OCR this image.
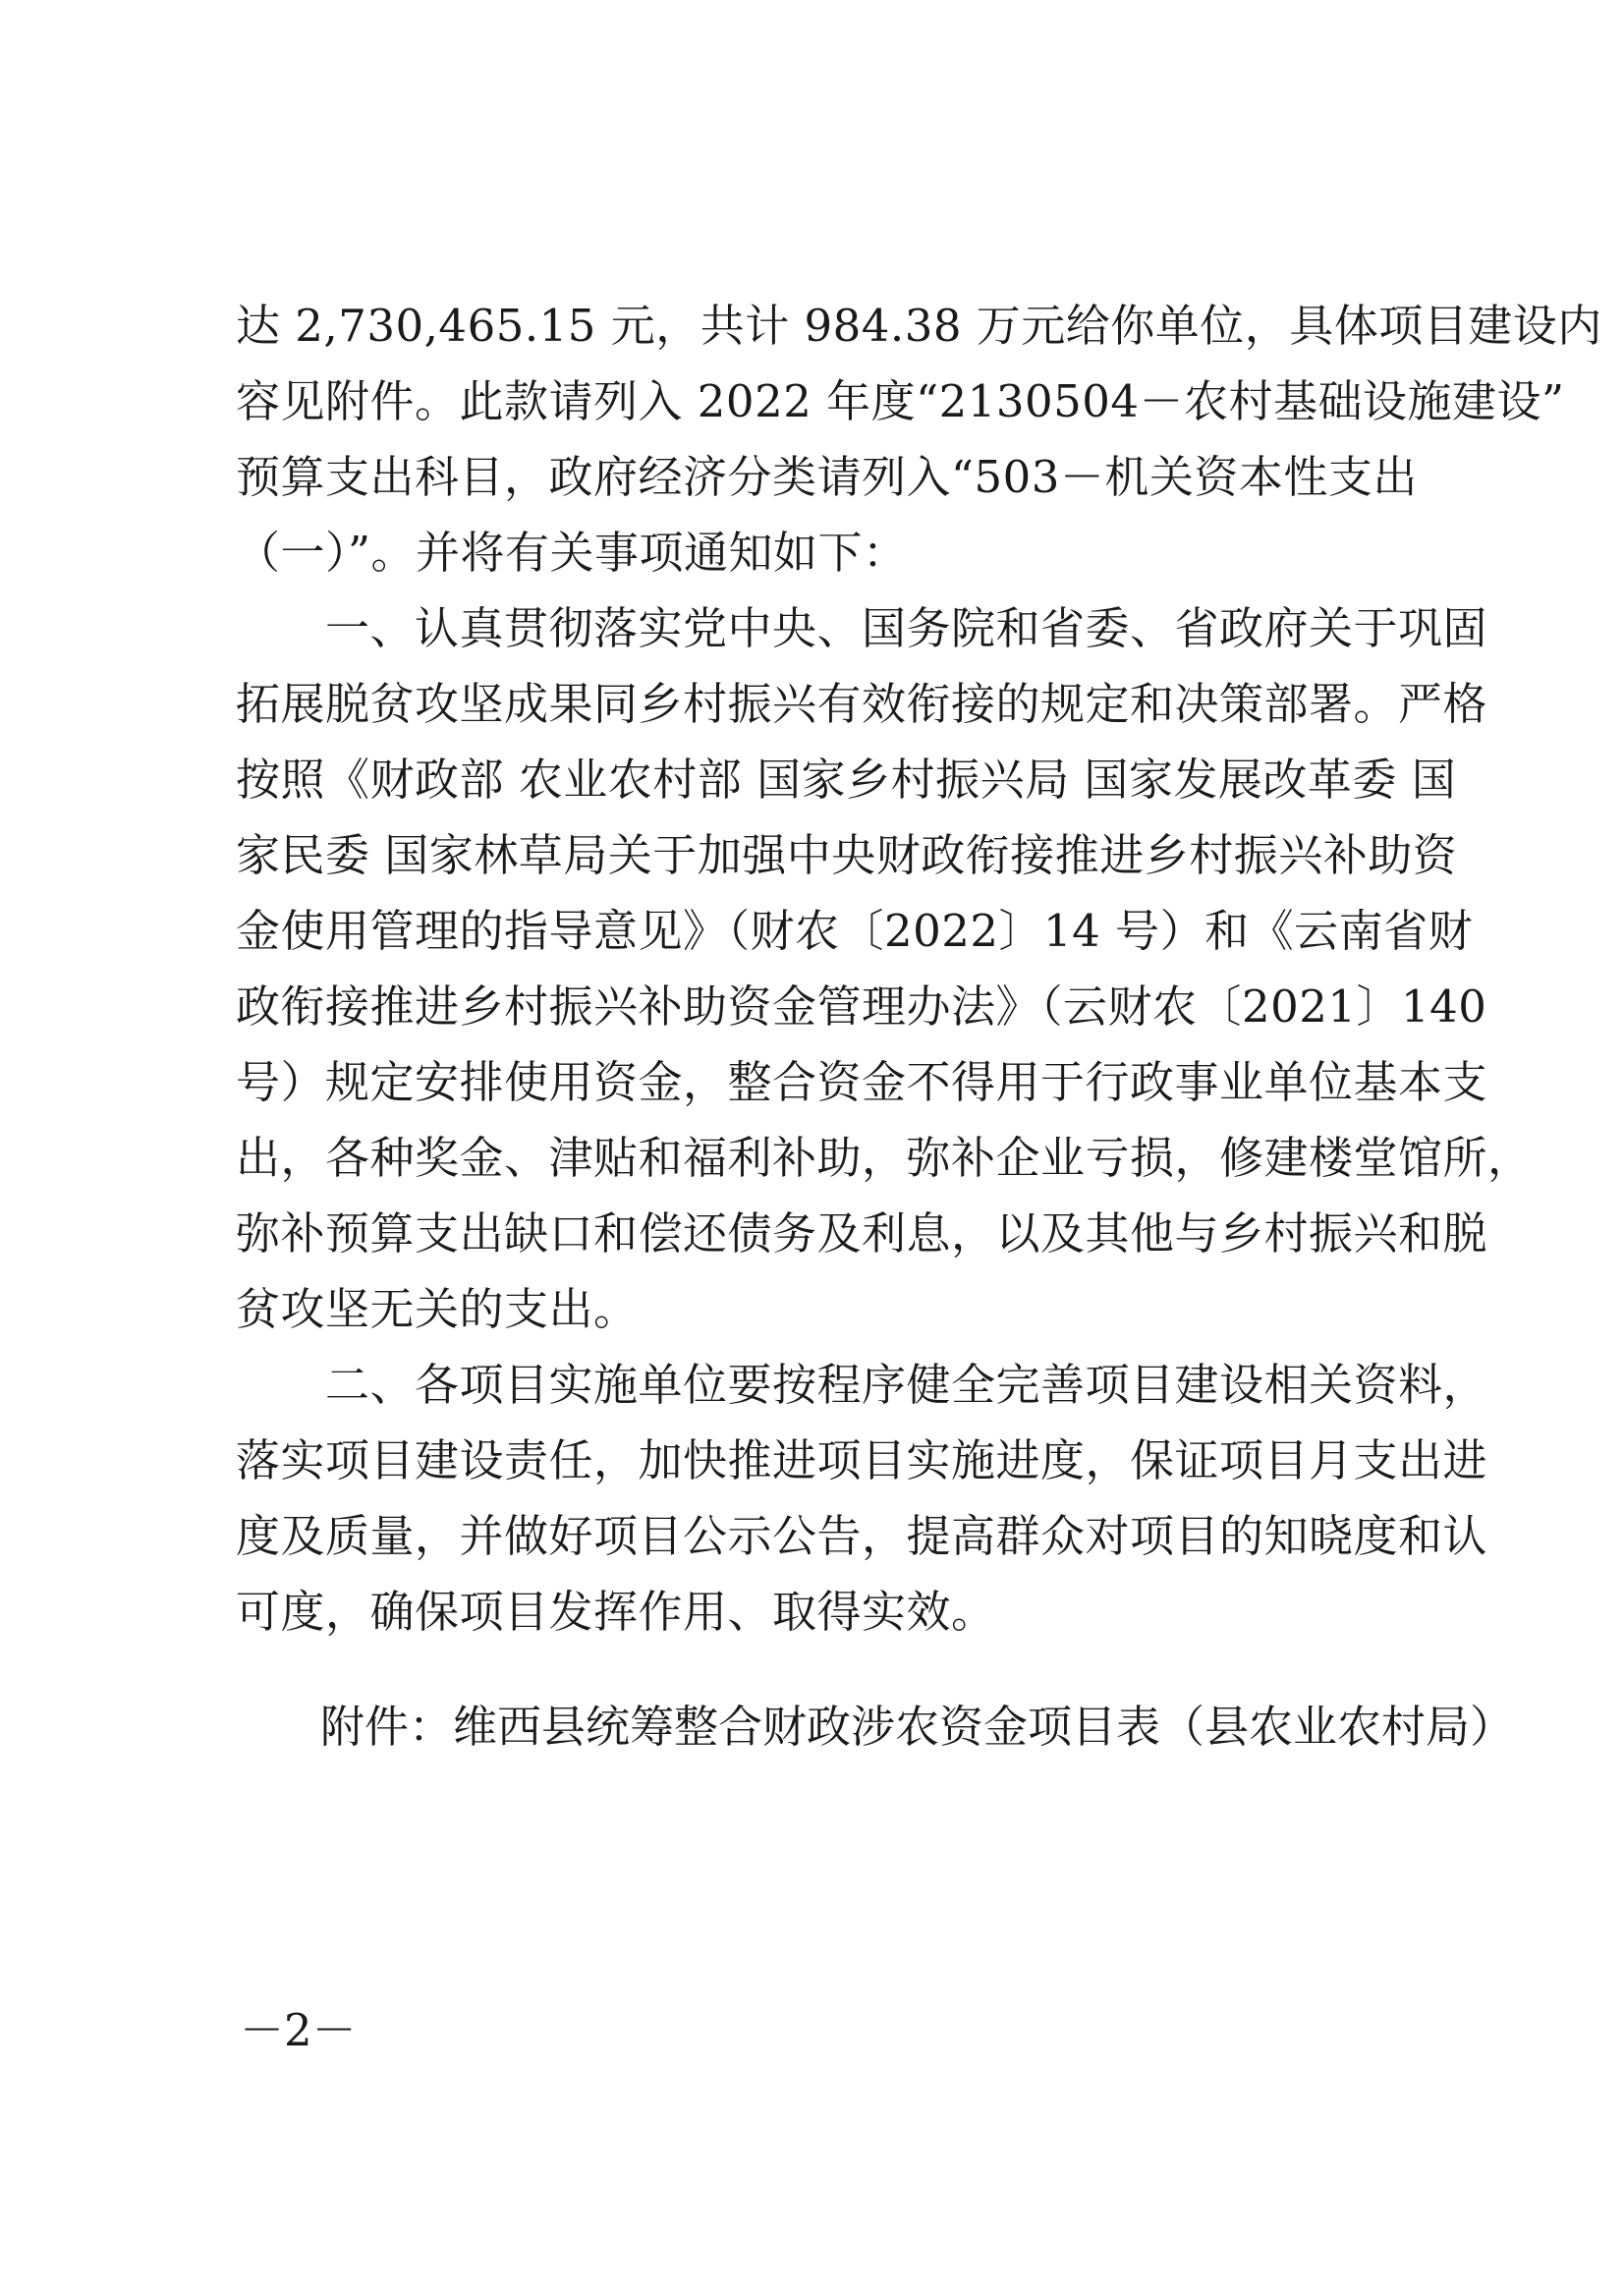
达 2,730,465.15 元，共计 984.38 万元给你单位，具体项目建设内
容见附件。此款请列入 2022 年度“2130504－农村基础设施建设”
预算支出科目，政府经济分类请列入“503－机关资本性支出
（一）”。并将有关事项通知如下：
　　一、认真贯彻落实党中央、国务院和省委、省政府关于巩固
拓展脱贫攻坚成果同乡村振兴有效衔接的规定和决策部署。严格
按照《财政部 农业农村部 国家乡村振兴局 国家发展改革委 国
家民委 国家林草局关于加强中央财政衔接推进乡村振兴补助资
金使用管理的指导意见》（财农〔2022〕14 号）和《云南省财
政衔接推进乡村振兴补助资金管理办法》（云财农〔2021〕140
号）规定安排使用资金，整合资金不得用于行政事业单位基本支
出，各种奖金、津贴和福利补助，弥补企业亏损，修建楼堂馆所，
弥补预算支出缺口和偿还债务及利息，以及其他与乡村振兴和脱
贫攻坚无关的支出。
　　二、各项目实施单位要按程序健全完善项目建设相关资料，
落实项目建设责任，加快推进项目实施进度，保证项目月支出进
度及质量，并做好项目公示公告，提高群众对项目的知晓度和认
可度，确保项目发挥作用、取得实效。
附件：维西县统筹整合财政涉农资金项目表（县农业农村局）
－2－
